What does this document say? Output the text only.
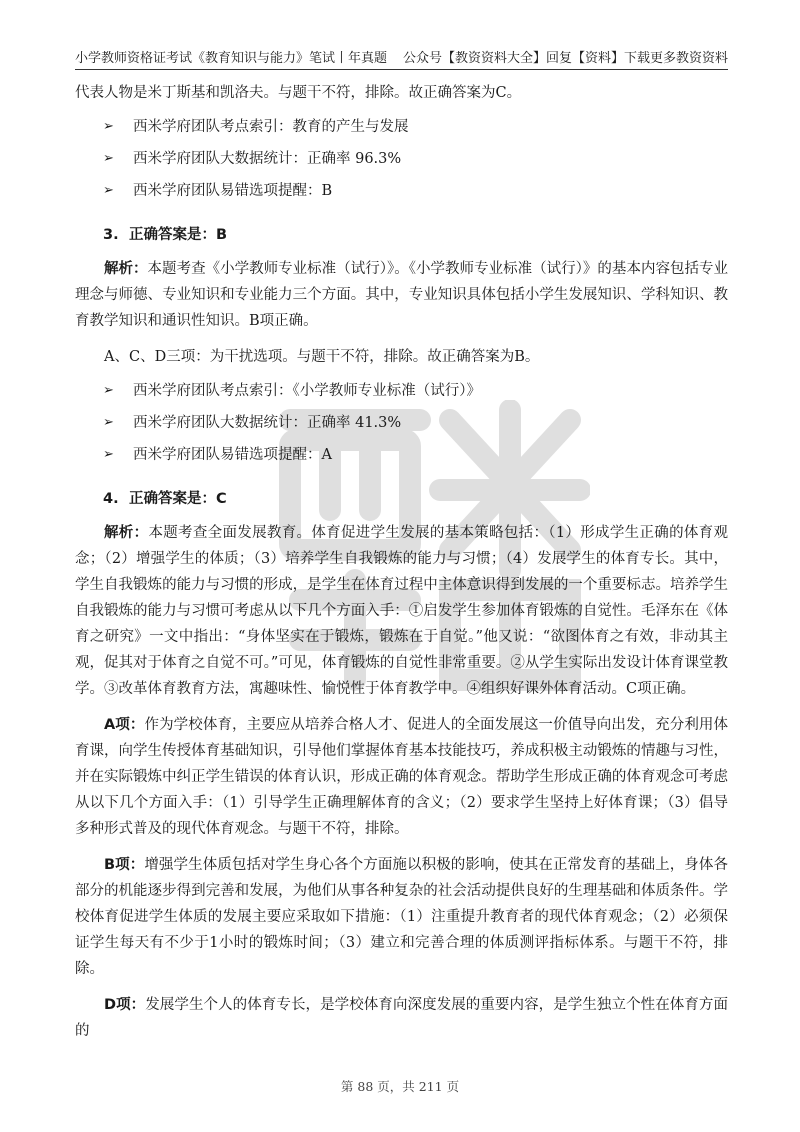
小学教师资格证考试《教育知识与能力》笔试丨年真题 公众号【教资资料大全】回复【资料】下载更多教资资料

代表人物是米丁斯基和凯洛夫。与题干不符，排除。故正确答案为C。

➢	西米学府团队考点索引：教育的产生与发展
➢	西米学府团队大数据统计：正确率 96.3%
➢	西米学府团队易错选项提醒：B
3. 正确答案是：B

解析：本题考查《小学教师专业标准（试行）》。《小学教师专业标准（试行）》的基本内容包括专业理念与师德、专业知识和专业能力三个方面。其中，专业知识具体包括小学生发展知识、学科知识、教育教学知识和通识性知识。B项正确。

A、C、D三项：为干扰选项。与题干不符，排除。故正确答案为B。

➢	西米学府团队考点索引：《小学教师专业标准（试行）》
➢	西米学府团队大数据统计：正确率 41.3%
➢	西米学府团队易错选项提醒：A
4. 正确答案是：C

解析：本题考查全面发展教育。体育促进学生发展的基本策略包括：（1）形成学生正确的体育观念；（2）增强学生的体质；（3）培养学生自我锻炼的能力与习惯；（4）发展学生的体育专长。其中，学生自我锻炼的能力与习惯的形成，是学生在体育过程中主体意识得到发展的一个重要标志。培养学生自我锻炼的能力与习惯可考虑从以下几个方面入手：①启发学生参加体育锻炼的自觉性。毛泽东在《体育之研究》一文中指出：“身体坚实在于锻炼，锻炼在于自觉。”他又说：“欲图体育之有效，非动其主观，促其对于体育之自觉不可。”可见，体育锻炼的自觉性非常重要。②从学生实际出发设计体育课堂教学。③改革体育教育方法，寓趣味性、愉悦性于体育教学中。④组织好课外体育活动。C项正确。

A项：作为学校体育，主要应从培养合格人才、促进人的全面发展这一价值导向出发，充分利用体育课，向学生传授体育基础知识，引导他们掌握体育基本技能技巧，养成积极主动锻炼的情趣与习性，并在实际锻炼中纠正学生错误的体育认识，形成正确的体育观念。帮助学生形成正确的体育观念可考虑从以下几个方面入手：（1）引导学生正确理解体育的含义；（2）要求学生坚持上好体育课；（3）倡导多种形式普及的现代体育观念。与题干不符，排除。

B项：增强学生体质包括对学生身心各个方面施以积极的影响，使其在正常发育的基础上，身体各部分的机能逐步得到完善和发展，为他们从事各种复杂的社会活动提供良好的生理基础和体质条件。学校体育促进学生体质的发展主要应采取如下措施：（1）注重提升教育者的现代体育观念；（2）必须保证学生每天有不少于1小时的锻炼时间；（3）建立和完善合理的体质测评指标体系。与题干不符，排除。

D项：发展学生个人的体育专长，是学校体育向深度发展的重要内容，是学生独立个性在体育方面的

第 88 页，共 211 页
